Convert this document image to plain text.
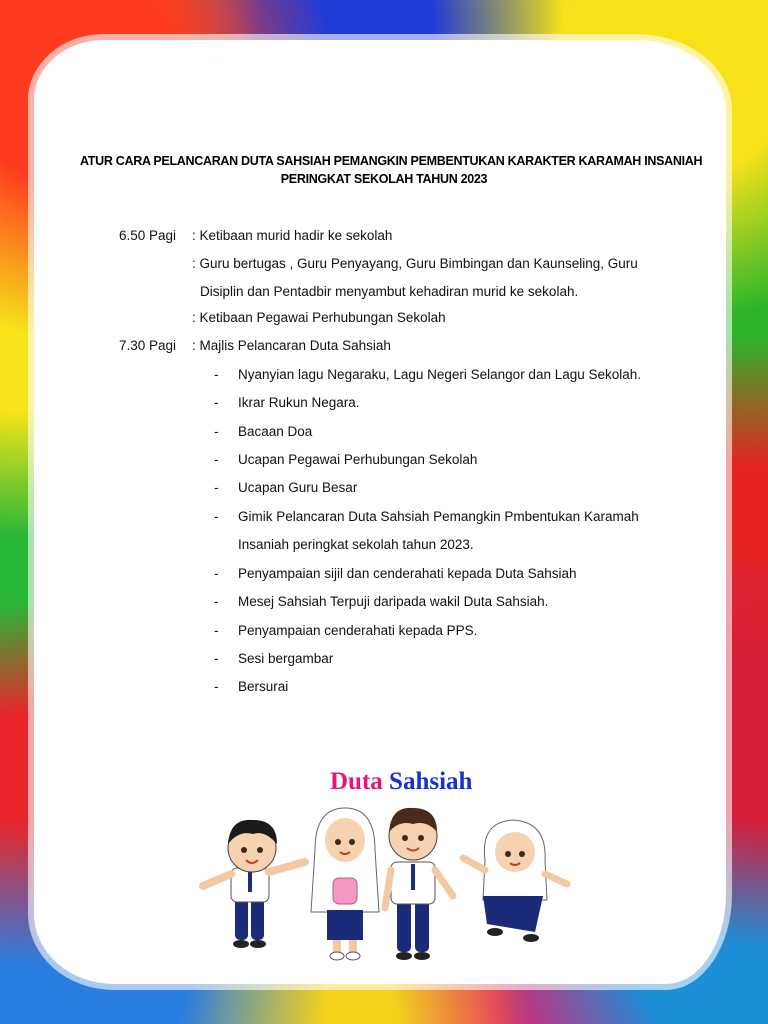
ATUR CARA PELANCARAN DUTA SAHSIAH PEMANGKIN PEMBENTUKAN KARAKTER KARAMAH INSANIAH
PERINGKAT SEKOLAH TAHUN 2023
6.50 Pagi : Ketibaan murid hadir ke sekolah
: Guru bertugas , Guru Penyayang, Guru Bimbingan dan Kaunseling, Guru
Disiplin dan Pentadbir menyambut kehadiran murid ke sekolah.
: Ketibaan Pegawai Perhubungan Sekolah
7.30 Pagi : Majlis Pelancaran Duta Sahsiah
- Nyanyian lagu Negaraku, Lagu Negeri Selangor dan Lagu Sekolah.
- Ikrar Rukun Negara.
- Bacaan Doa
- Ucapan Pegawai Perhubungan Sekolah
- Ucapan Guru Besar
- Gimik Pelancaran Duta Sahsiah Pemangkin Pmbentukan Karamah
Insaniah peringkat sekolah tahun 2023.
- Penyampaian sijil dan cenderahati kepada Duta Sahsiah
- Mesej Sahsiah Terpuji daripada wakil Duta Sahsiah.
- Penyampaian cenderahati kepada PPS.
- Sesi bergambar
- Bersurai
Duta Sahsiah
